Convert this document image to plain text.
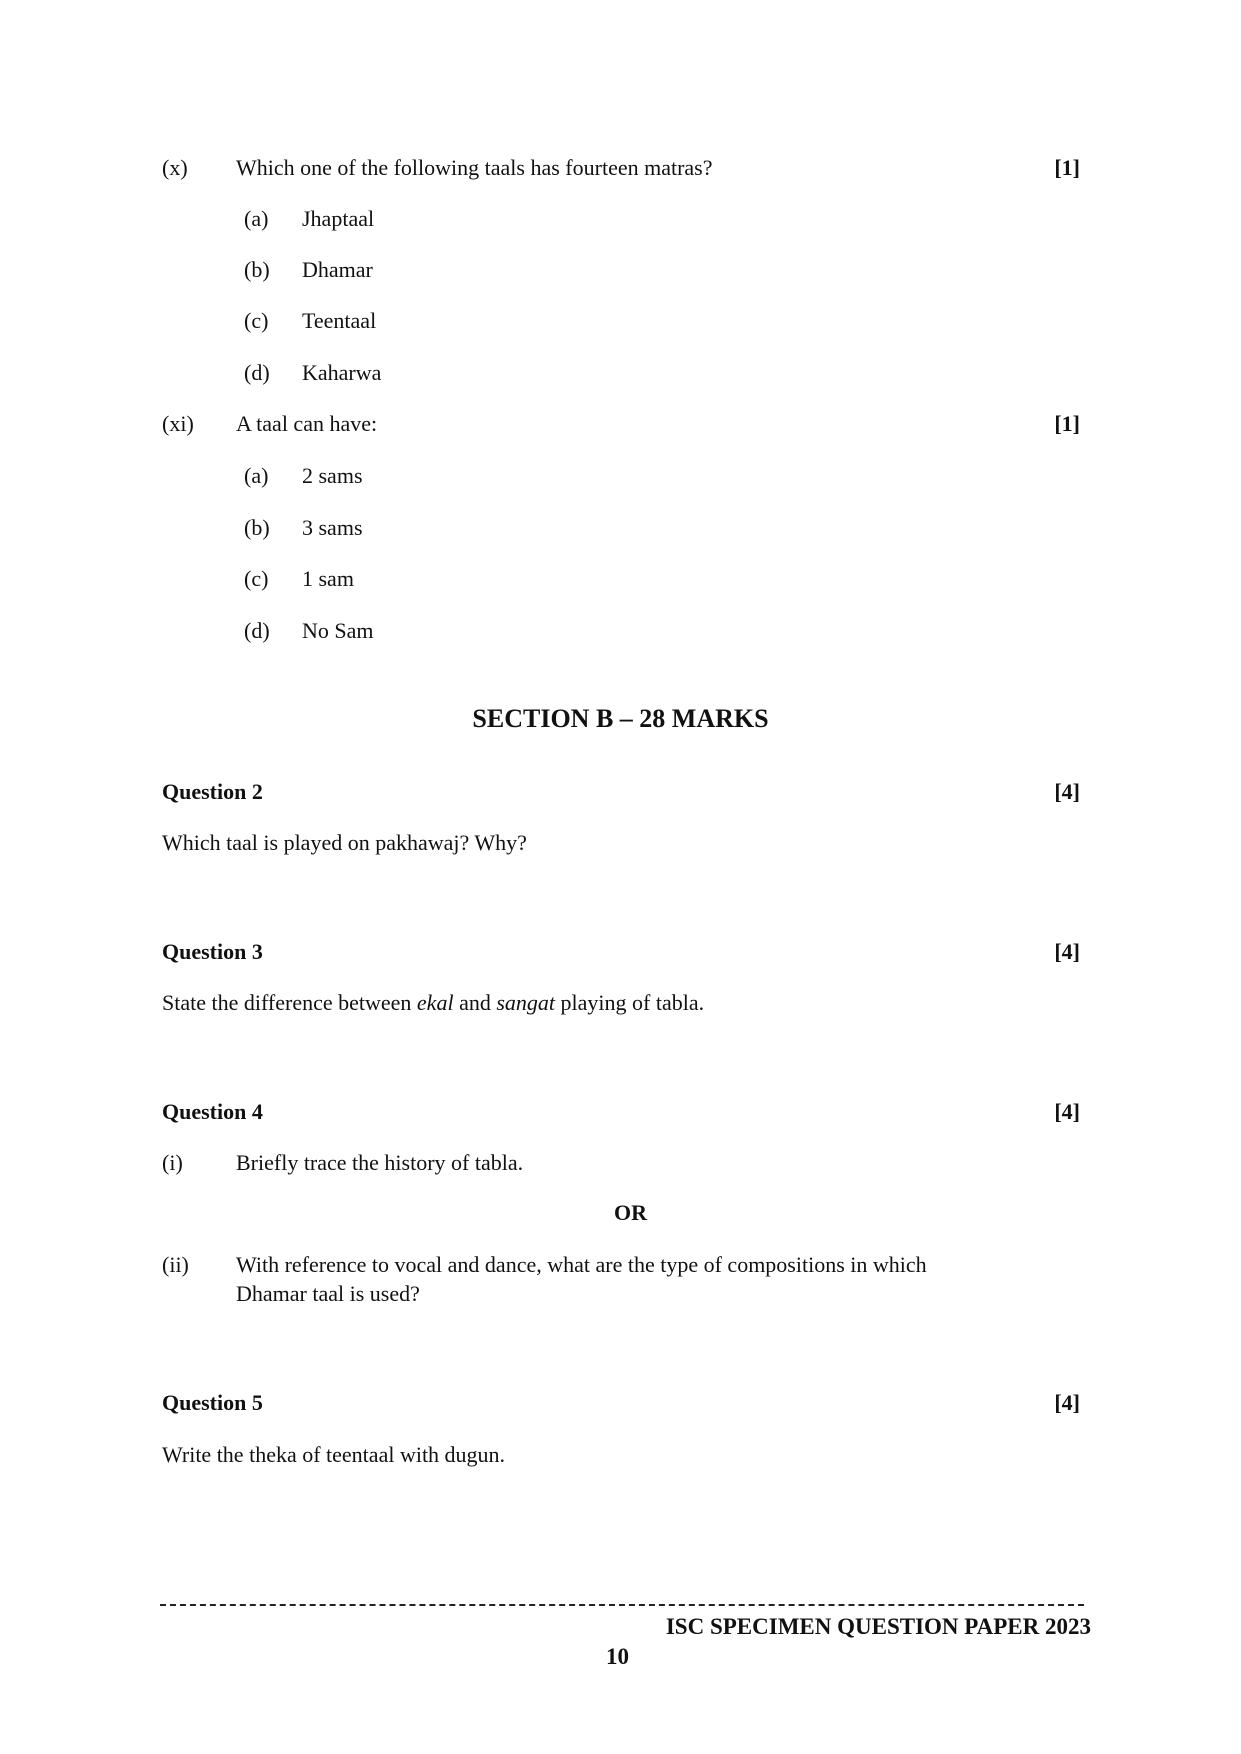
(x) Which one of the following taals has fourteen matras?	[1]
(a) Jhaptaal
(b) Dhamar
(c) Teentaal
(d) Kaharwa
(xi) A taal can have:	[1]
(a) 2 sams
(b) 3 sams
(c) 1 sam
(d) No Sam
SECTION B – 28 MARKS
Question 2	[4]
Which taal is played on pakhawaj? Why?
Question 3	[4]
State the difference between ekal and sangat playing of tabla.
Question 4	[4]
(i) Briefly trace the history of tabla.
OR
(ii) With reference to vocal and dance, what are the type of compositions in which
Dhamar taal is used?
Question 5	[4]
Write the theka of teentaal with dugun.
ISC SPECIMEN QUESTION PAPER 2023
10
